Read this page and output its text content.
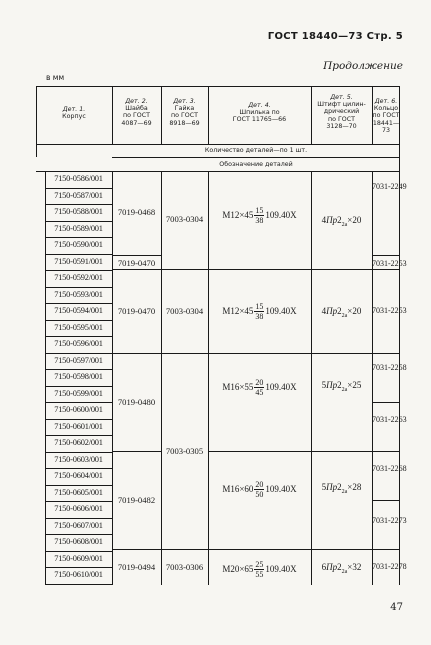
ГОСТ 18440—73 Стр. 5
Продолжение
в мм
Дет. 1.
Корпус
Дет. 2.
Шайба
по ГОСТ
4087—69
Дет. 3.
Гайка
по ГОСТ
8918—69
Дет. 4.
Шпилька по
ГОСТ 11765—66
Дет. 5.
Штифт цилин-
дрический
по ГОСТ
3128—70
Дет. 6.
Кольцо
по ГОСТ
18441—73
Количество деталей—по 1 шт.
Обозначение деталей
7150-0586/001
7150-0587/001
7150-0588/001
7150-0589/001
7150-0590/001
7150-0591/001
7150-0592/001
7150-0593/001
7150-0594/001
7150-0595/001
7150-0596/001
7150-0597/001
7150-0598/001
7150-0599/001
7150-0600/001
7150-0601/001
7150-0602/001
7150-0603/001
7150-0604/001
7150-0605/001
7150-0606/001
7150-0607/001
7150-0608/001
7150-0609/001
7150-0610/001
7019-0468
7019-0470
7019-0470
7019-0480
7019-0482
7019-0494
7003-0304
7003-0304
7003-0305
7003-0306
$M12\times 45 \frac{15}{38} 109.40X$
$M12\times 45 \frac{15}{38} 109.40X$
$M16\times 55 \frac{20}{45} 109.40X$
$M16\times 60 \frac{20}{50} 109.40X$
$M20\times 65 \frac{25}{55} 109.40X$
$4Пр2_{2а}\times 20$
$4Пр2_{2а}\times 20$
$5Пр2_{2а}\times 25$
$5Пр2_{2а}\times 28$
$6Пр2_{2а}\times 32$
7031-2249
7031-2253
7031-2253
7031-2258
7031-2263
7031-2268
7031-2273
7031-2278
47
